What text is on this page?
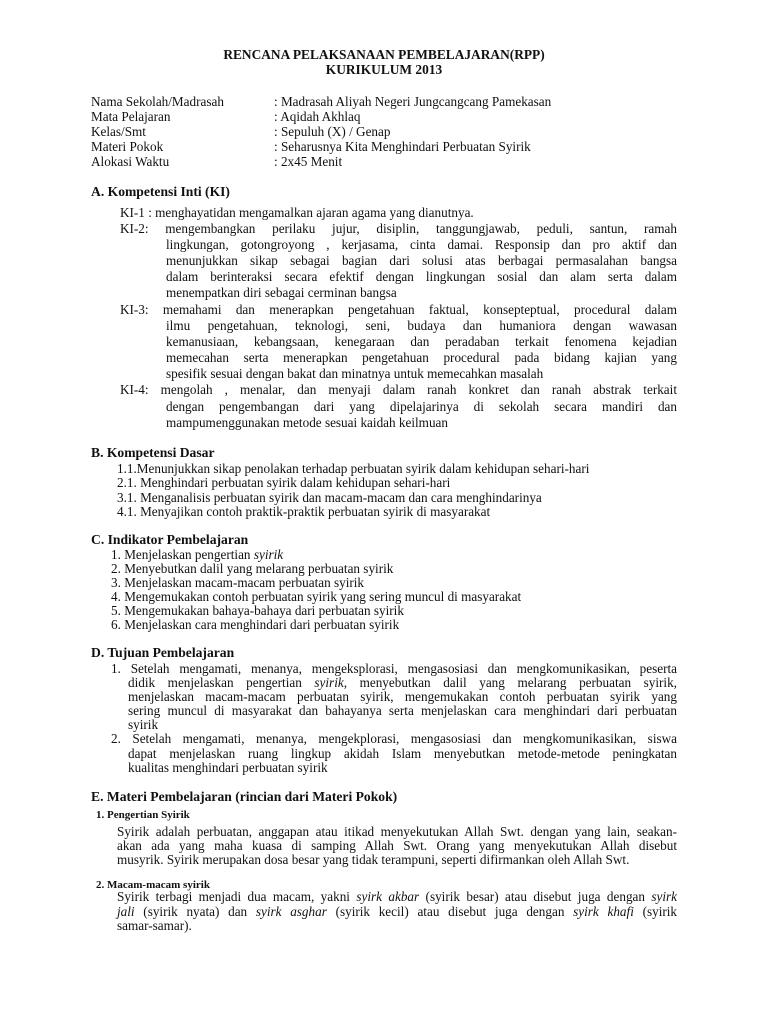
RENCANA PELAKSANAAN PEMBELAJARAN(RPP)

KURIKULUM 2013

Nama Sekolah/Madrasah	: Madrasah Aliyah Negeri Jungcangcang Pamekasan

Mata Pelajaran	: Aqidah Akhlaq

Kelas/Smt	: Sepuluh (X) / Genap

Materi Pokok	: Seharusnya Kita Menghindari Perbuatan Syirik

Alokasi Waktu	: 2x45 Menit

A. Kompetensi Inti (KI)

KI-1 : menghayatidan mengamalkan ajaran agama yang dianutnya.

KI-2: mengembangkan perilaku jujur, disiplin, tanggungjawab, peduli, santun, ramah

lingkungan, gotongroyong , kerjasama, cinta damai. Responsip dan pro aktif dan

menunjukkan sikap sebagai bagian dari solusi atas berbagai permasalahan bangsa

dalam berinteraksi secara efektif dengan lingkungan sosial dan alam serta dalam

menempatkan diri sebagai cerminan bangsa

KI-3: memahami dan menerapkan pengetahuan faktual, konsepteptual, procedural dalam

ilmu pengetahuan, teknologi, seni, budaya dan humaniora dengan wawasan

kemanusiaan, kebangsaan, kenegaraan dan peradaban terkait fenomena kejadian

memecahan serta menerapkan pengetahuan procedural pada bidang kajian yang

spesifik sesuai dengan bakat dan minatnya untuk memecahkan masalah

KI-4: mengolah , menalar, dan menyaji dalam ranah konkret dan ranah abstrak terkait

dengan pengembangan dari yang dipelajarinya di sekolah secara mandiri dan

mampumenggunakan metode sesuai kaidah keilmuan

B. Kompetensi Dasar

1.1.Menunjukkan sikap penolakan terhadap perbuatan syirik dalam kehidupan sehari-hari

2.1. Menghindari perbuatan syirik dalam kehidupan sehari-hari

3.1. Menganalisis perbuatan syirik dan macam-macam dan cara menghindarinya

4.1. Menyajikan contoh praktik-praktik perbuatan syirik di masyarakat

C. Indikator Pembelajaran

1. Menjelaskan pengertian syirik

2. Menyebutkan dalil yang melarang perbuatan syirik

3. Menjelaskan macam-macam perbuatan syirik

4. Mengemukakan contoh perbuatan syirik yang sering muncul di masyarakat

5. Mengemukakan bahaya-bahaya dari perbuatan syirik

6. Menjelaskan cara menghindari dari perbuatan syirik

D. Tujuan Pembelajaran

1. Setelah mengamati, menanya, mengeksplorasi, mengasosiasi dan mengkomunikasikan, peserta

didik menjelaskan pengertian syirik, menyebutkan dalil yang melarang perbuatan syirik,

menjelaskan macam-macam perbuatan syirik, mengemukakan contoh perbuatan syirik yang

sering muncul di masyarakat dan bahayanya serta menjelaskan cara menghindari dari perbuatan

syirik

2. Setelah mengamati, menanya, mengekplorasi, mengasosiasi dan mengkomunikasikan, siswa

dapat menjelaskan ruang lingkup akidah Islam menyebutkan metode-metode peningkatan

kualitas menghindari perbuatan syirik

E. Materi Pembelajaran (rincian dari Materi Pokok)

1. Pengertian Syirik

Syirik adalah perbuatan, anggapan atau itikad menyekutukan Allah Swt. dengan yang lain, seakan-

akan ada yang maha kuasa di samping Allah Swt. Orang yang menyekutukan Allah disebut

musyrik. Syirik merupakan dosa besar yang tidak terampuni, seperti difirmankan oleh Allah Swt.

2. Macam-macam syirik

Syirik terbagi menjadi dua macam, yakni syirk akbar (syirik besar) atau disebut juga dengan syirk

jali (syirik nyata) dan syirk asghar (syirik kecil) atau disebut juga dengan syirk khafi (syirik

samar-samar).
